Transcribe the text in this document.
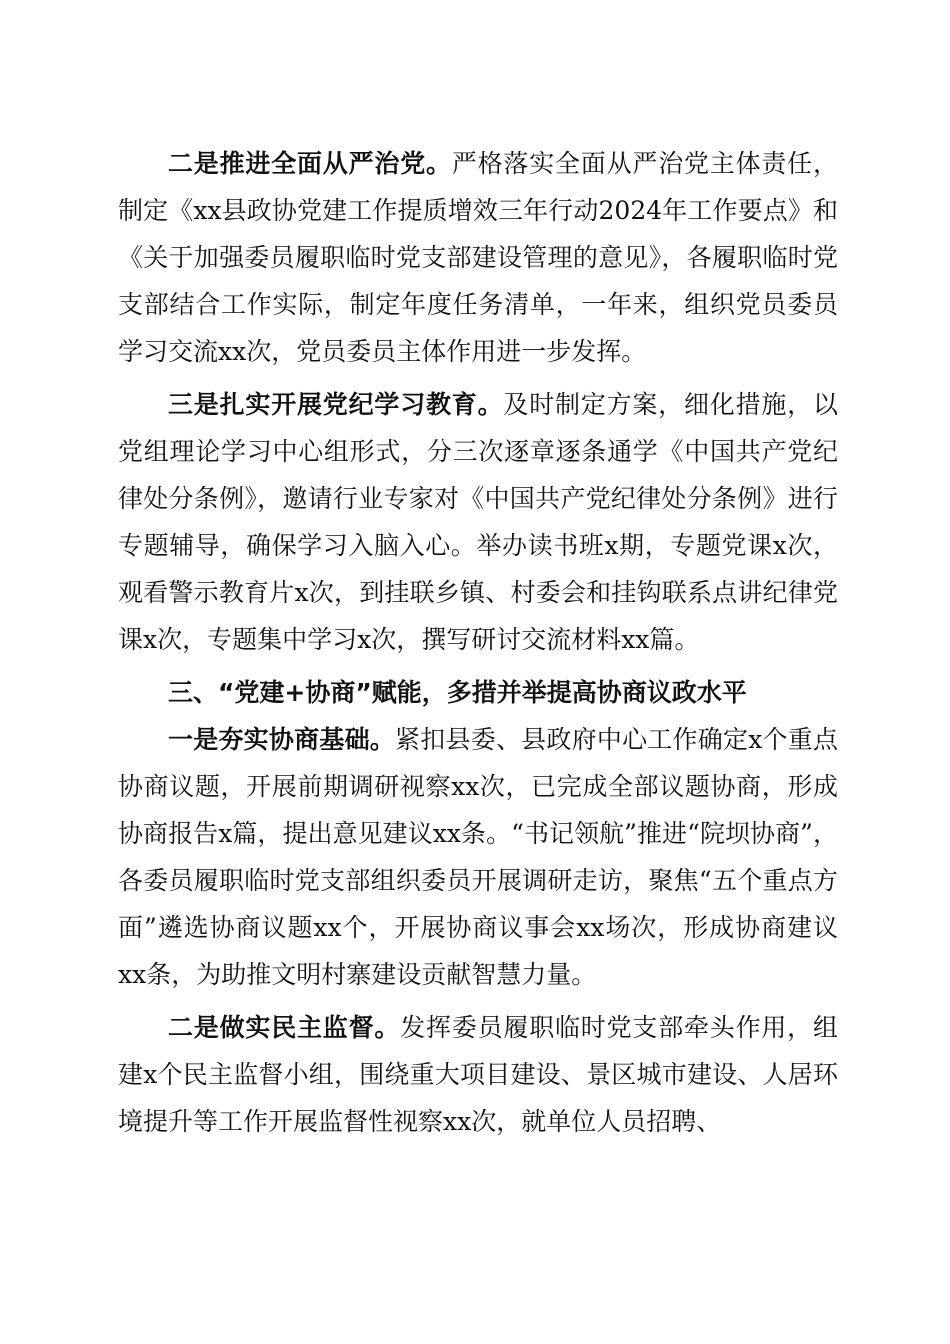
二是推进全面从严治党。严格落实全面从严治党主体责任，制定《xx县政协党建工作提质增效三年行动2024年工作要点》和《关于加强委员履职临时党支部建设管理的意见》，各履职临时党支部结合工作实际，制定年度任务清单，一年来，组织党员委员学习交流xx次，党员委员主体作用进一步发挥。

三是扎实开展党纪学习教育。及时制定方案，细化措施，以党组理论学习中心组形式，分三次逐章逐条通学《中国共产党纪律处分条例》，邀请行业专家对《中国共产党纪律处分条例》进行专题辅导，确保学习入脑入心。举办读书班x期，专题党课x次，观看警示教育片x次，到挂联乡镇、村委会和挂钩联系点讲纪律党课x次，专题集中学习x次，撰写研讨交流材料xx篇。

三、“党建+协商”赋能，多措并举提高协商议政水平

一是夯实协商基础。紧扣县委、县政府中心工作确定x个重点协商议题，开展前期调研视察xx次，已完成全部议题协商，形成协商报告x篇，提出意见建议xx条。“书记领航”推进“院坝协商”，各委员履职临时党支部组织委员开展调研走访，聚焦“五个重点方面”遴选协商议题xx个，开展协商议事会xx场次，形成协商建议xx条，为助推文明村寨建设贡献智慧力量。

二是做实民主监督。发挥委员履职临时党支部牵头作用，组建x个民主监督小组，围绕重大项目建设、景区城市建设、人居环境提升等工作开展监督性视察xx次，就单位人员招聘、
